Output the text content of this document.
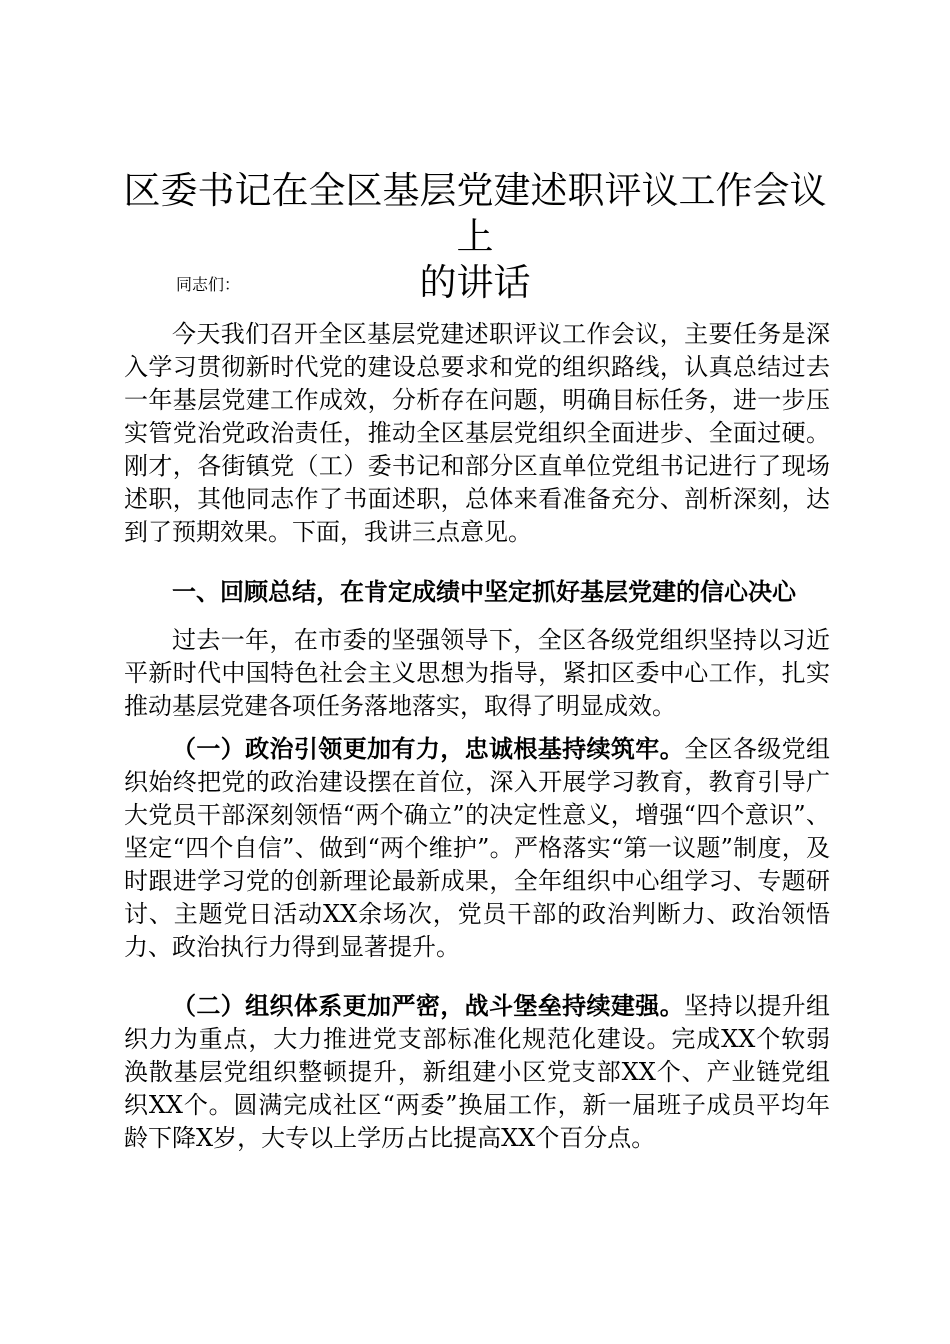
区委书记在全区基层党建述职评议工作会议上
的讲话

同志们：

今天我们召开全区基层党建述职评议工作会议，主要任务是深入学习贯彻新时代党的建设总要求和党的组织路线，认真总结过去一年基层党建工作成效，分析存在问题，明确目标任务，进一步压实管党治党政治责任，推动全区基层党组织全面进步、全面过硬。刚才，各街镇党（工）委书记和部分区直单位党组书记进行了现场述职，其他同志作了书面述职，总体来看准备充分、剖析深刻，达到了预期效果。下面，我讲三点意见。

一、回顾总结，在肯定成绩中坚定抓好基层党建的信心决心

过去一年，在市委的坚强领导下，全区各级党组织坚持以习近平新时代中国特色社会主义思想为指导，紧扣区委中心工作，扎实推动基层党建各项任务落地落实，取得了明显成效。

（一）政治引领更加有力，忠诚根基持续筑牢。全区各级党组织始终把党的政治建设摆在首位，深入开展学习教育，教育引导广大党员干部深刻领悟“两个确立”的决定性意义，增强“四个意识”、坚定“四个自信”、做到“两个维护”。严格落实“第一议题”制度，及时跟进学习党的创新理论最新成果，全年组织中心组学习、专题研讨、主题党日活动XX余场次，党员干部的政治判断力、政治领悟力、政治执行力得到显著提升。

（二）组织体系更加严密，战斗堡垒持续建强。坚持以提升组织力为重点，大力推进党支部标准化规范化建设。完成XX个软弱涣散基层党组织整顿提升，新组建小区党支部XX个、产业链党组织XX个。圆满完成社区“两委”换届工作，新一届班子成员平均年龄下降X岁，大专以上学历占比提高XX个百分点。
